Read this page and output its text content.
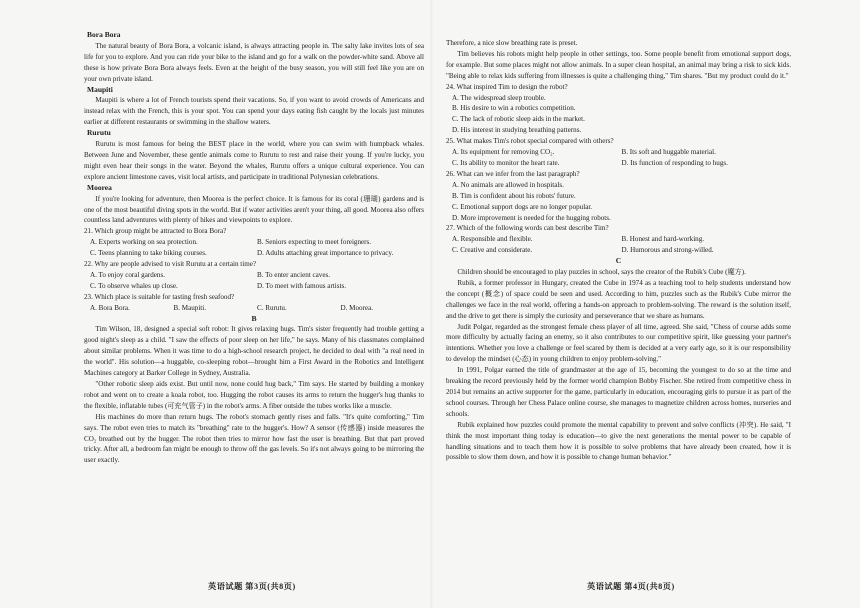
Bora Bora

The natural beauty of Bora Bora, a volcanic island, is always attracting people in. The salty lake invites lots of sea life for you to explore. And you can ride your bike to the island and go for a walk on the powder-white sand. Above all these is how private Bora Bora always feels. Even at the height of the busy season, you will still feel like you are on your own private island.

Maupiti

Maupiti is where a lot of French tourists spend their vacations. So, if you want to avoid crowds of Americans and instead relax with the French, this is your spot. You can spend your days eating fish caught by the locals just minutes earlier at different restaurants or swimming in the shallow waters.

Rurutu

Rurutu is most famous for being the BEST place in the world, where you can swim with humpback whales. Between June and November, these gentle animals come to Rurutu to rest and raise their young. If you're lucky, you might even hear their songs in the water. Beyond the whales, Rurutu offers a unique cultural experience. You can explore ancient limestone caves, visit local artists, and participate in traditional Polynesian celebrations.

Moorea

If you're looking for adventure, then Moorea is the perfect choice. It is famous for its coral (珊瑚) gardens and is one of the most beautiful diving spots in the world. But if water activities aren't your thing, all good. Moorea also offers countless land adventures with plenty of hikes and viewpoints to explore.

21. Which group might be attracted to Bora Bora?

A. Experts working on sea protection.	B. Seniors expecting to meet foreigners.
C. Teens planning to take biking courses.	D. Adults attaching great importance to privacy.

22. Why are people advised to visit Rurutu at a certain time?

A. To enjoy coral gardens.	B. To enter ancient caves.
C. To observe whales up close.	D. To meet with famous artists.

23. Which place is suitable for tasting fresh seafood?

A. Bora Bora.	B. Maupiti.	C. Rurutu.	D. Moorea.

B

Tim Wilson, 18, designed a special soft robot: It gives relaxing hugs. Tim's sister frequently had trouble getting a good night's sleep as a child. "I saw the effects of poor sleep on her life," he says. Many of his classmates complained about similar problems. When it was time to do a high-school research project, he decided to deal with "a real need in the world". His solution—a huggable, co-sleeping robot—brought him a First Award in the Robotics and Intelligent Machines category at Barker College in Sydney, Australia.

"Other robotic sleep aids exist. But until now, none could hug back," Tim says. He started by building a monkey robot and went on to create a koala robot, too. Hugging the robot causes its arms to return the hugger's hug thanks to the flexible, inflatable tubes (可充气管子) in the robot's arms. A fiber outside the tubes works like a muscle.

His machines do more than return hugs. The robot's stomach gently rises and falls. "It's quite comforting," Tim says. The robot even tries to match its "breathing" rate to the hugger's. How? A sensor (传感器) inside measures the CO₂ breathed out by the hugger. The robot then tries to mirror how fast the user is breathing. But that part proved tricky. After all, a bedroom fan might be enough to throw off the gas levels. So it's not always going to be mirroring the user exactly.

Therefore, a nice slow breathing rate is preset.

Tim believes his robots might help people in other settings, too. Some people benefit from emotional support dogs, for example. But some places might not allow animals. In a super clean hospital, an animal may bring a risk to sick kids. "Being able to relax kids suffering from illnesses is quite a challenging thing," Tim shares. "But my product could do it."

24. What inspired Tim to design the robot?

A. The widespread sleep trouble.

B. His desire to win a robotics competition.

C. The lack of robotic sleep aids in the market.

D. His interest in studying breathing patterns.

25. What makes Tim's robot special compared with others?

A. Its equipment for removing CO₂.	B. Its soft and huggable material.
C. Its ability to monitor the heart rate.	D. Its function of responding to hugs.

26. What can we infer from the last paragraph?

A. No animals are allowed in hospitals.

B. Tim is confident about his robots' future.

C. Emotional support dogs are no longer popular.

D. More improvement is needed for the hugging robots.

27. Which of the following words can best describe Tim?

A. Responsible and flexible.	B. Honest and hard-working.
C. Creative and considerate.	D. Humorous and strong-willed.

C

Children should be encouraged to play puzzles in school, says the creator of the Rubik's Cube (魔方).

Rubik, a former professor in Hungary, created the Cube in 1974 as a teaching tool to help students understand how the concept (概念) of space could be seen and used. According to him, puzzles such as the Rubik's Cube mirror the challenges we face in the real world, offering a hands-on approach to problem-solving. The reward is the solution itself, and the drive to get there is simply the curiosity and perseverance that we share as humans.

Judit Polgar, regarded as the strongest female chess player of all time, agreed. She said, "Chess of course adds some more difficulty by actually facing an enemy, so it also contributes to our competitive spirit, like guessing your partner's intentions. Whether you love a challenge or feel scared by them is decided at a very early age, so it is our responsibility to develop the mindset (心态) in young children to enjoy problem-solving."

In 1991, Polgar earned the title of grandmaster at the age of 15, becoming the youngest to do so at the time and breaking the record previously held by the former world champion Bobby Fischer. She retired from competitive chess in 2014 but remains an active supporter for the game, particularly in education, encouraging girls to pursue it as part of the school courses. Through her Chess Palace online course, she manages to magnetize children across homes, nurseries and schools.

Rubik explained how puzzles could promote the mental capability to prevent and solve conflicts (冲突). He said, "I think the most important thing today is education—to give the next generations the mental power to be capable of handling situations and to teach them how it is possible to solve problems that have already been created, how it is possible to slow them down, and how it is possible to change human behavior."

英语试题 第3页(共8页)	英语试题 第4页(共8页)
